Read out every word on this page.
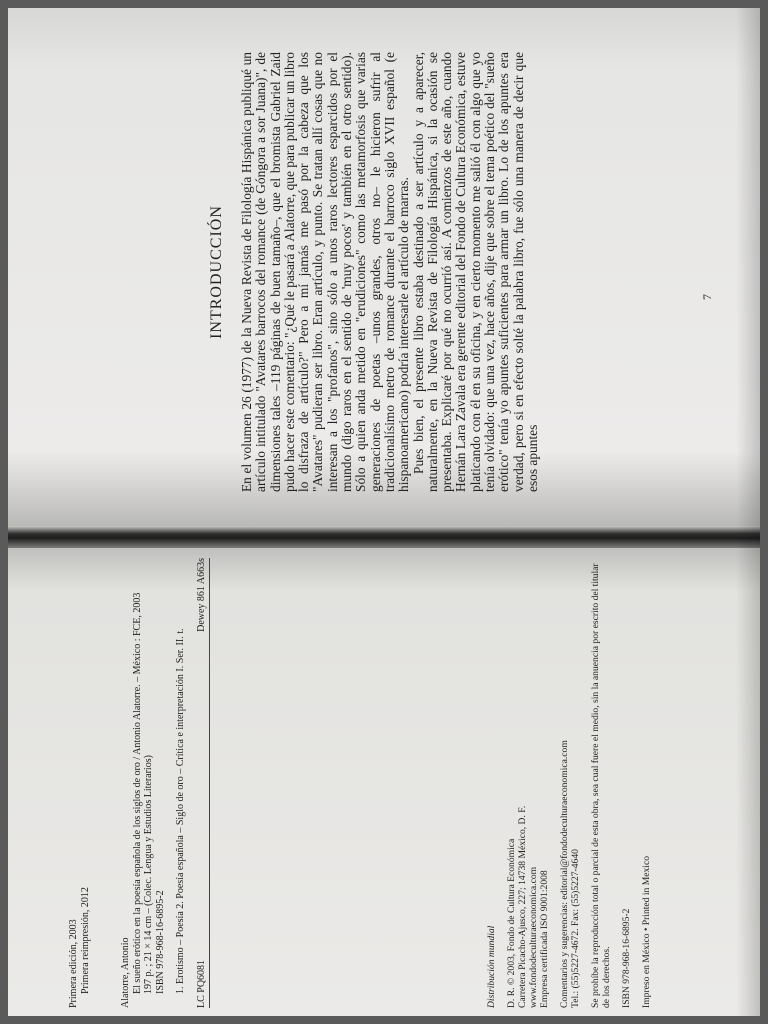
INTRODUCCIÓN En el volumen 26 (1977) de la Nueva Revista de Filología Hispánica publiqué un artículo intitulado "Avatares barrocos del romance (de Góngora a sor Juana)", de dimensiones tales –119 páginas de buen tamaño–, que el bromista Gabriel Zaid pudo hacer este comentario: "¿Qué le pasará a Alatorre, que para publicar un libro lo disfraza de artículo?" Pero a mí jamás me pasó por la cabeza que los "Avatares" pudieran ser libro. Eran artículo, y punto. Se tratan allí cosas que no interesan a los "profanos", sino sólo a unos raros lectores esparcidos por el mundo (digo raros en el sentido de 'muy pocos' y también en el otro sentido). Sólo a quien anda metido en "erudiciones" como las metamorfosis que varias generaciones de poetas –unos grandes, otros no– le hicieron sufrir al tradicionalísimo metro de romance durante el barroco siglo XVII español (e hispanoamericano) podría interesarle el artículo de marras. Pues bien, el presente libro estaba destinado a ser artículo y a aparecer, naturalmente, en la Nueva Revista de Filología Hispánica, si la ocasión se presentaba. Explicaré por qué no ocurrió así. A comienzos de este año, cuando Hernán Lara Zavala era gerente editorial del Fondo de Cultura Económica, estuve platicando con él en su oficina, y en cierto momento me salió él con algo que yo tenía olvidado: que una vez, hace años, dije que sobre el tema poético del "sueño erótico" tenía yo apuntes suficientes para armar un libro. Lo de los apuntes era verdad, pero si en efecto solté la palabra libro, fue sólo una manera de decir que esos apuntes

7

Primera edición, 2003 Primera reimpresión, 2012	Alatorre, Antonio El sueño erótico en la poesía española de los siglos de oro / Antonio Alatorre. – México : FCE, 2003 197 p. ; 21 × 14 cm – (Colec. Lengua y Estudios Literarios) ISBN 978-968-16-6895-2 1. Erotismo – Poesía 2. Poesía española – Siglo de oro – Crítica e interpretación I. Ser. II. t. LC PQ6081
Dewey 861 A663s

Distribución mundial D. R. © 2003, Fondo de Cultura Económica Carretera Picacho-Ajusco, 227; 14738 México, D. F. www.fondodeculturaeconomica.com Empresa certificada ISO 9001:2008 Comentarios y sugerencias: editorial@fondodeculturaeconomica.com Tel.: (55)5227-4672. Fax: (55)5227-4640 Se prohíbe la reproducción total o parcial de esta obra, sea cual fuere el medio, sin la anuencia por escrito del titular de los derechos. ISBN 978-968-16-6895-2 Impreso en México • Printed in Mexico
